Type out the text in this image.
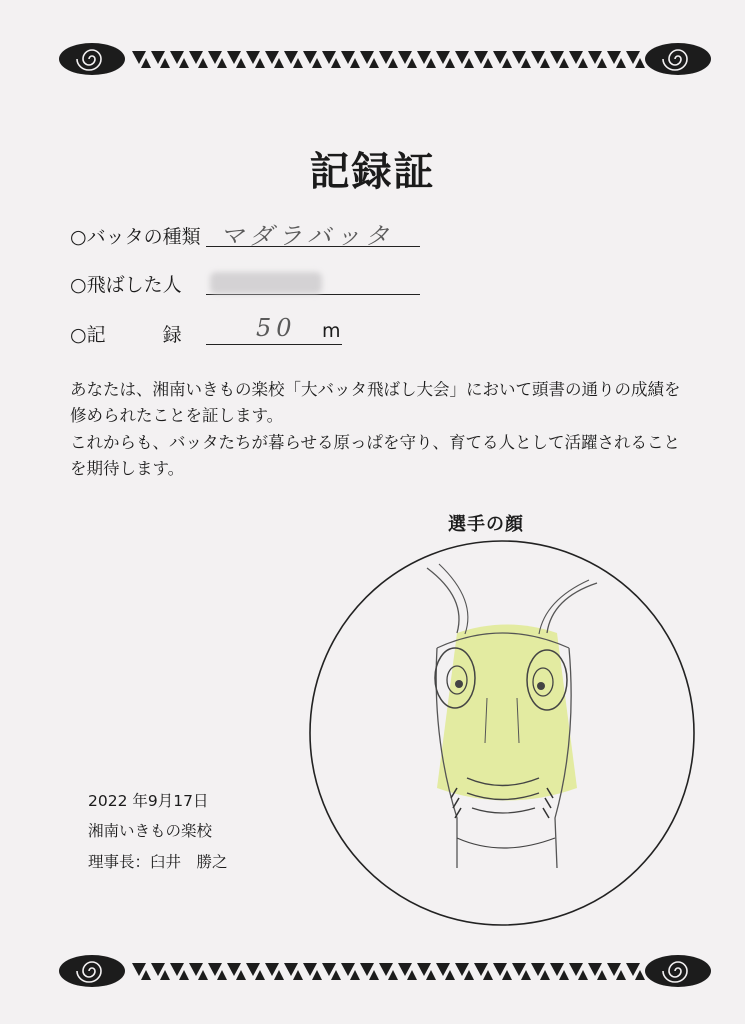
記録証
○バッタの種類 マダラバッタ
○飛ばした人
○記　　　録	50 m
あなたは、湘南いきもの楽校「大バッタ飛ばし大会」において頭書の通りの成績を
修められたことを証します。
これからも、バッタたちが暮らせる原っぱを守り、育てる人として活躍されること
を期待します。
選手の顔
2022 年9月17日
湘南いきもの楽校
理事長：臼井　勝之
